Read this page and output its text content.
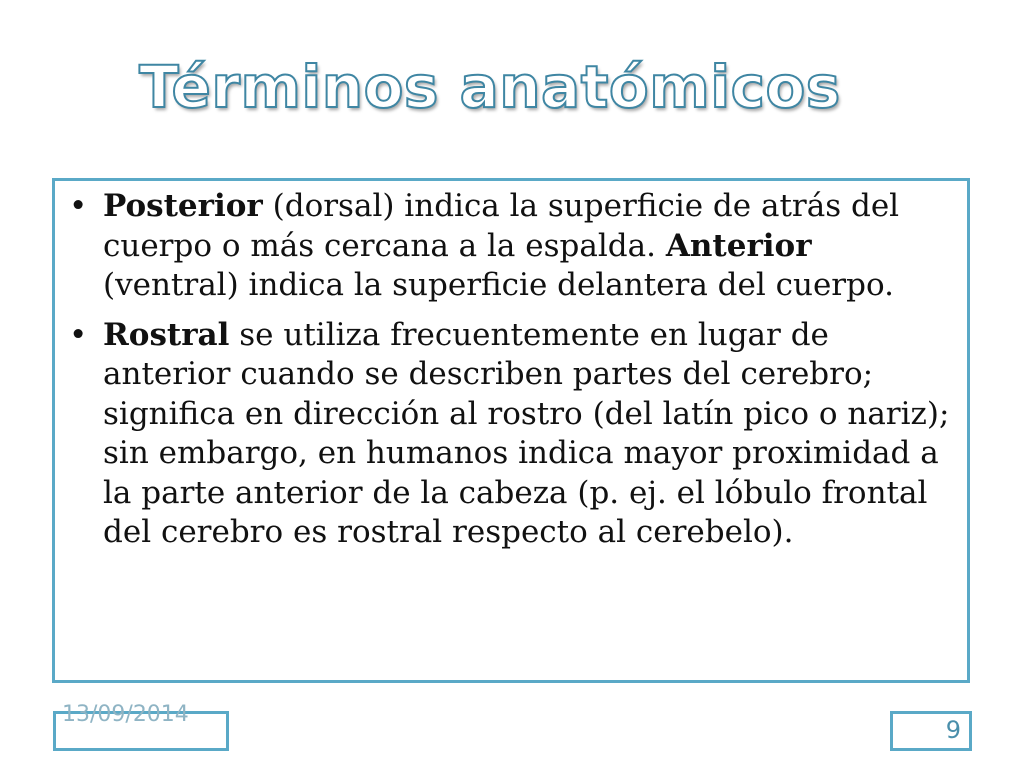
Términos anatómicos
• Posterior (dorsal) indica la superficie de atrás del cuerpo o más cercana a la espalda. Anterior (ventral) indica la superficie delantera del cuerpo.
• Rostral se utiliza frecuentemente en lugar de anterior cuando se describen partes del cerebro; significa en dirección al rostro (del latín pico o nariz); sin embargo, en humanos indica mayor proximidad a la parte anterior de la cabeza (p. ej. el lóbulo frontal del cerebro es rostral respecto al cerebelo).
13/09/2014
9
